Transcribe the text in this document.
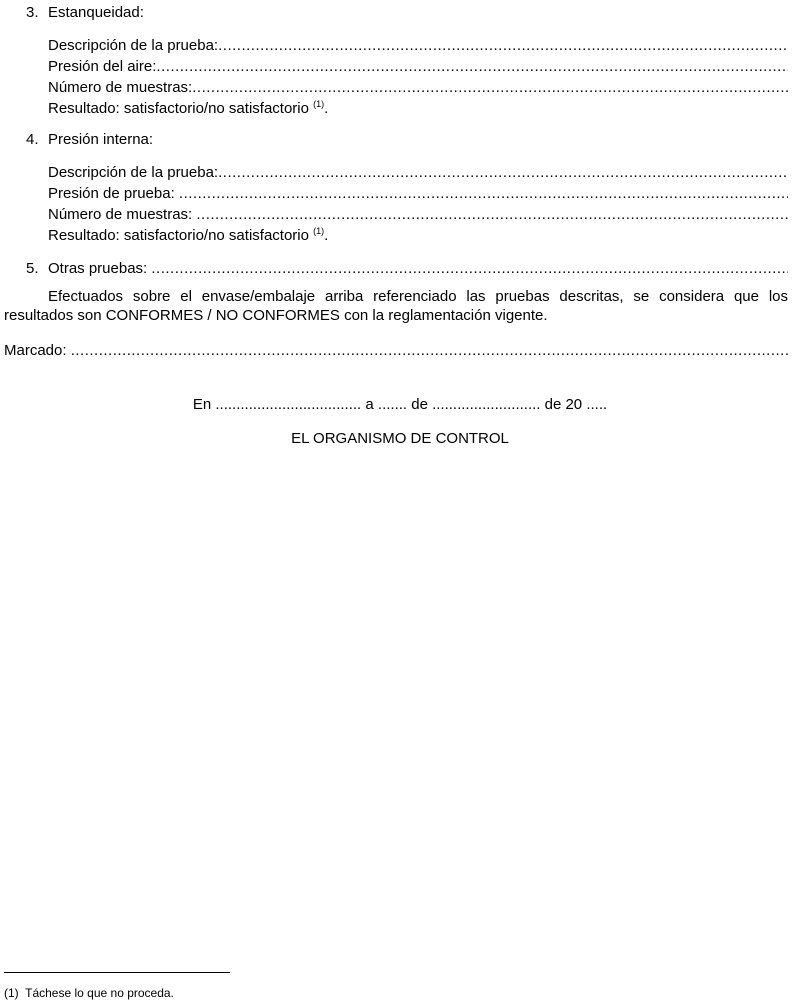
3. Estanqueidad:
Descripción de la prueba:
.....
Presión del aire:
.....
Número de muestras:
.....
Resultado: satisfactorio/no satisfactorio $^{(1)}$.
4. Presión interna:
Descripción de la prueba:
.....
Presión de prueba:
.....
Número de muestras:
.....
Resultado: satisfactorio/no satisfactorio $^{(1)}$.
5. Otras pruebas:
.....
Efectuados sobre el envase/embalaje arriba referenciado las pruebas descritas, se considera que los resultados son CONFORMES / NO CONFORMES con la reglamentación vigente.
Marcado:
.....
En ................................... a ....... de .......................... de 20 .....
EL ORGANISMO DE CONTROL
(1) Táchese lo que no proceda.
